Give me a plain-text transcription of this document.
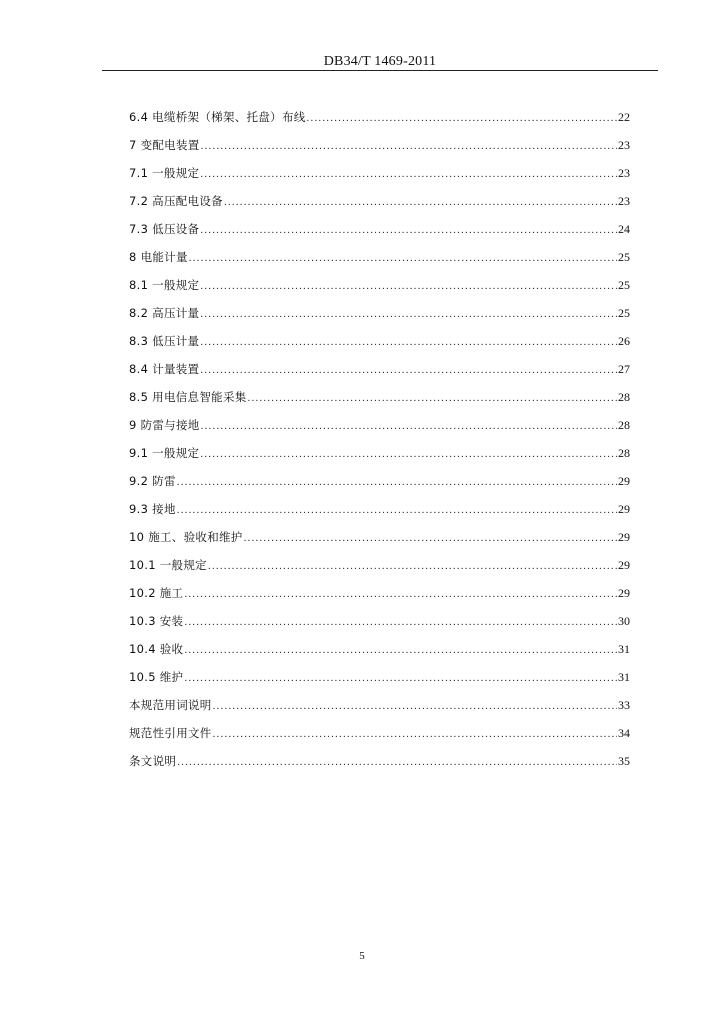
DB34/T 1469-2011
6.4 电缆桥架（梯架、托盘）布线 .....	22
7 变配电装置 .....	23
7.1 一般规定 .....	23
7.2 高压配电设备 .....	23
7.3 低压设备 .....	24
8 电能计量 .....	25
8.1 一般规定 .....	25
8.2 高压计量 .....	25
8.3 低压计量 .....	26
8.4 计量装置 .....	27
8.5 用电信息智能采集 .....	28
9 防雷与接地 .....	28
9.1 一般规定 .....	28
9.2 防雷 .....	29
9.3 接地 .....	29
10 施工、验收和维护 .....	29
10.1 一般规定 .....	29
10.2 施工 .....	29
10.3 安装 .....	30
10.4 验收 .....	31
10.5 维护 .....	31
本规范用词说明 .....	33
规范性引用文件 .....	34
条文说明 .....	35
5
